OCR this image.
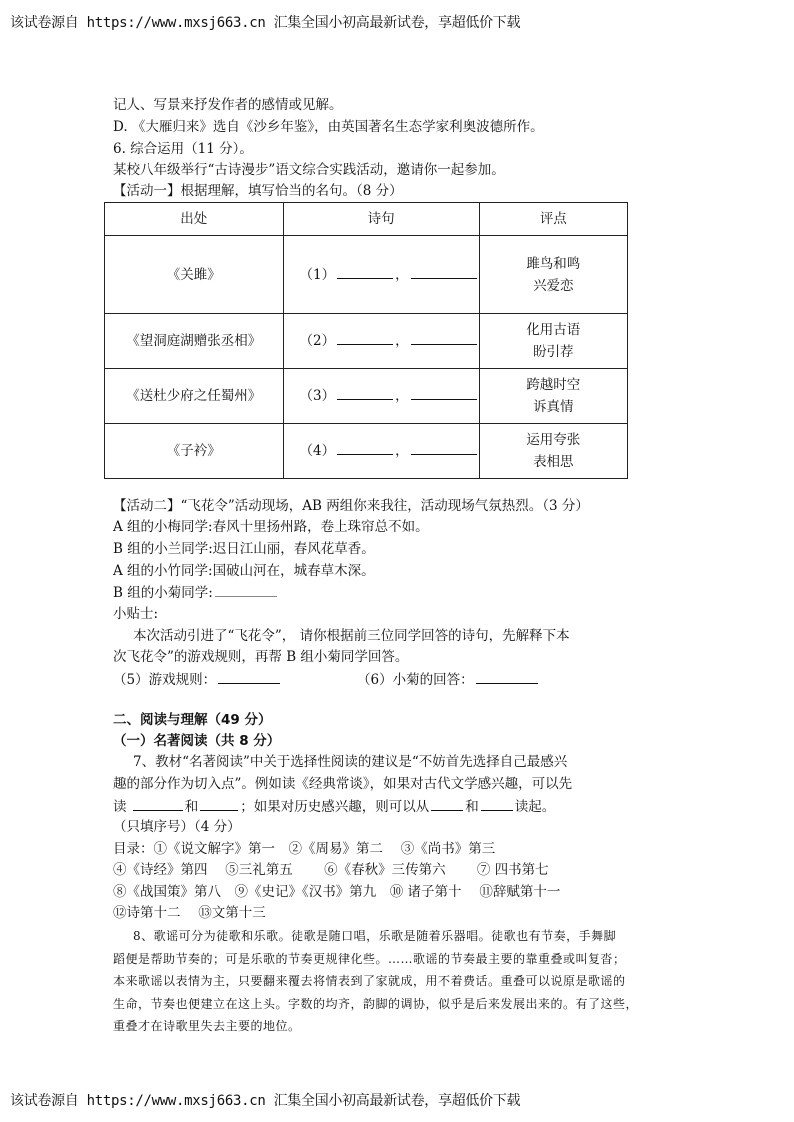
该试卷源自 https://www.mxsj663.cn 汇集全国小初高最新试卷，享超低价下载
记人、写景来抒发作者的感情或见解。
D. 《大雁归来》选自《沙乡年鉴》，由英国著名生态学家利奥波德所作。
6. 综合运用（11 分）。
某校八年级举行“古诗漫步”语文综合实践活动，邀请你一起参加。
【活动一】根据理解，填写恰当的名句。（8 分）
出处	诗句	评点
《关雎》	（1） ，	雎鸟和鸣
兴爱恋

《望洞庭湖赠张丞相》	（2） ，	化用古语
盼引荐

《送杜少府之任蜀州》	（3） ，	跨越时空
诉真情

《子衿》	（4） ，	运用夸张
表相思
【活动二】“飞花令”活动现场，AB 两组你来我往，活动现场气氛热烈。（3 分）
A 组的小梅同学:春风十里扬州路，卷上珠帘总不如。
B 组的小兰同学:迟日江山丽，春风花草香。
A 组的小竹同学:国破山河在，城春草木深。
B 组的小菊同学:
小贴士:
本次活动引进了“飞花令”， 请你根据前三位同学回答的诗句，先解释下本
次飞花令”的游戏规则，再帮 B 组小菊同学回答。
（5）游戏规则：	（6）小菊的回答：
二、阅读与理解（49 分）
（一）名著阅读（共 8 分）
7、教材“名著阅读”中关于选择性阅读的建议是“不妨首先选择自己最感兴
趣的部分作为切入点”。例如读《经典常谈》，如果对古代文学感兴趣，可以先
读	和	；如果对历史感兴趣，则可以从	和	读起。
（只填序号）（4 分）
目录：①《说文解字》第一　②《周易》第二　 ③《尚书》第三
④《诗经》第四　 ⑤三礼第五　　 ⑥《春秋》三传第六　　 ⑦ 四书第七
⑧《战国策》第八　⑨《史记》《汉书》第九　⑩ 诸子第十　 ⑪辞赋第十一
⑫诗第十二　 ⑬文第十三
8、歌谣可分为徒歌和乐歌。徒歌是随口唱，乐歌是随着乐器唱。徒歌也有节奏，手舞脚
蹈便是帮助节奏的；可是乐歌的节奏更规律化些。……歌谣的节奏最主要的靠重叠或叫复沓；
本来歌谣以表情为主，只要翻来覆去将情表到了家就成，用不着费话。重叠可以说原是歌谣的
生命，节奏也便建立在这上头。字数的均齐，韵脚的调协，似乎是后来发展出来的。有了这些，
重叠才在诗歌里失去主要的地位。
该试卷源自 https://www.mxsj663.cn 汇集全国小初高最新试卷，享超低价下载
